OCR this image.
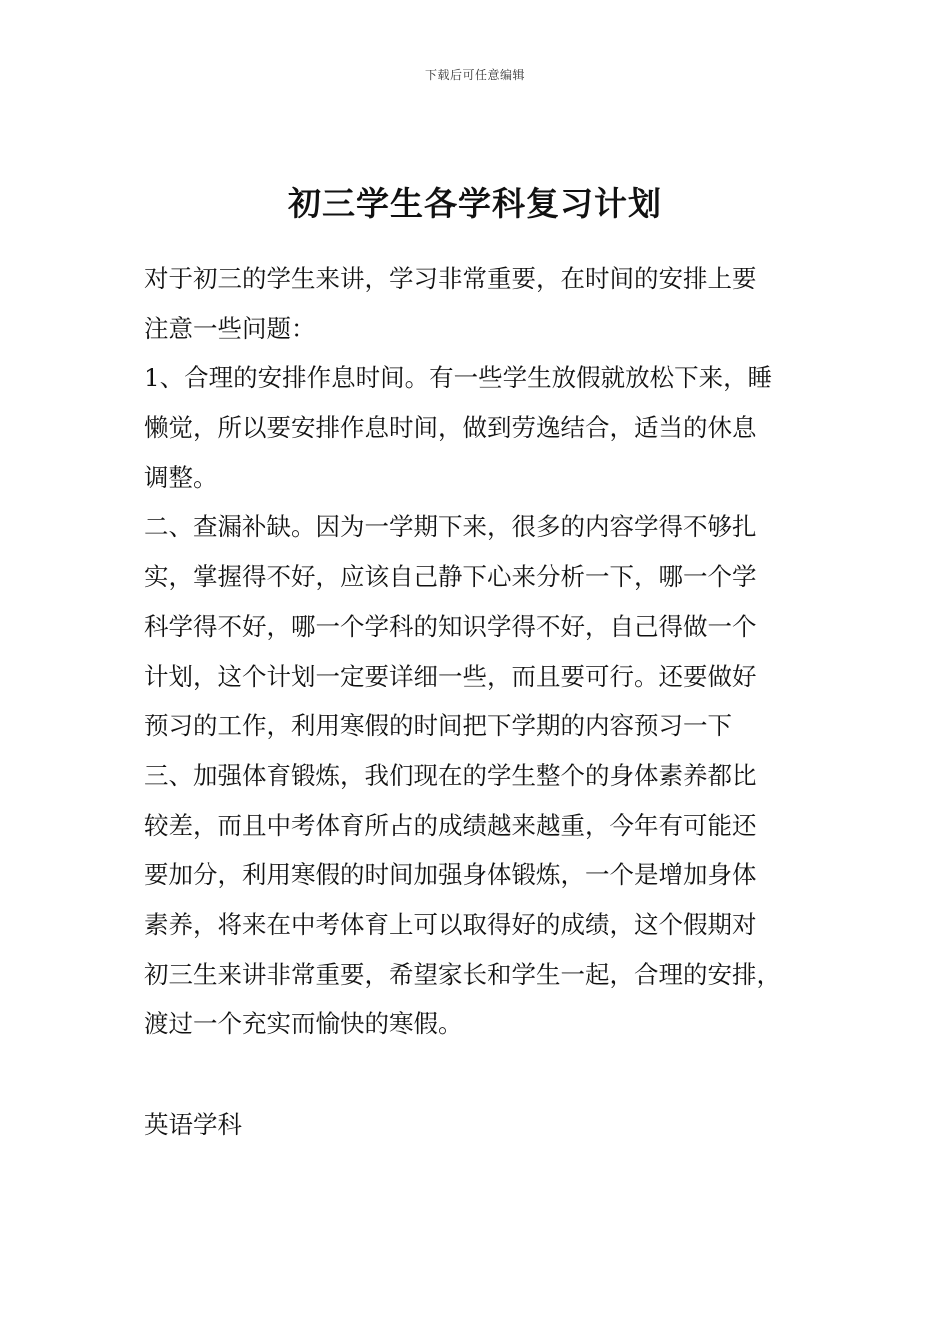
下载后可任意编辑
初三学生各学科复习计划
对于初三的学生来讲，学习非常重要，在时间的安排上要
注意一些问题：
1、合理的安排作息时间。有一些学生放假就放松下来，睡
懒觉，所以要安排作息时间，做到劳逸结合，适当的休息
调整。
二、查漏补缺。因为一学期下来，很多的内容学得不够扎
实，掌握得不好，应该自己静下心来分析一下，哪一个学
科学得不好，哪一个学科的知识学得不好，自己得做一个
计划，这个计划一定要详细一些，而且要可行。还要做好
预习的工作，利用寒假的时间把下学期的内容预习一下
三、加强体育锻炼，我们现在的学生整个的身体素养都比
较差，而且中考体育所占的成绩越来越重，今年有可能还
要加分，利用寒假的时间加强身体锻炼，一个是增加身体
素养，将来在中考体育上可以取得好的成绩，这个假期对
初三生来讲非常重要，希望家长和学生一起，合理的安排，
渡过一个充实而愉快的寒假。
英语学科
